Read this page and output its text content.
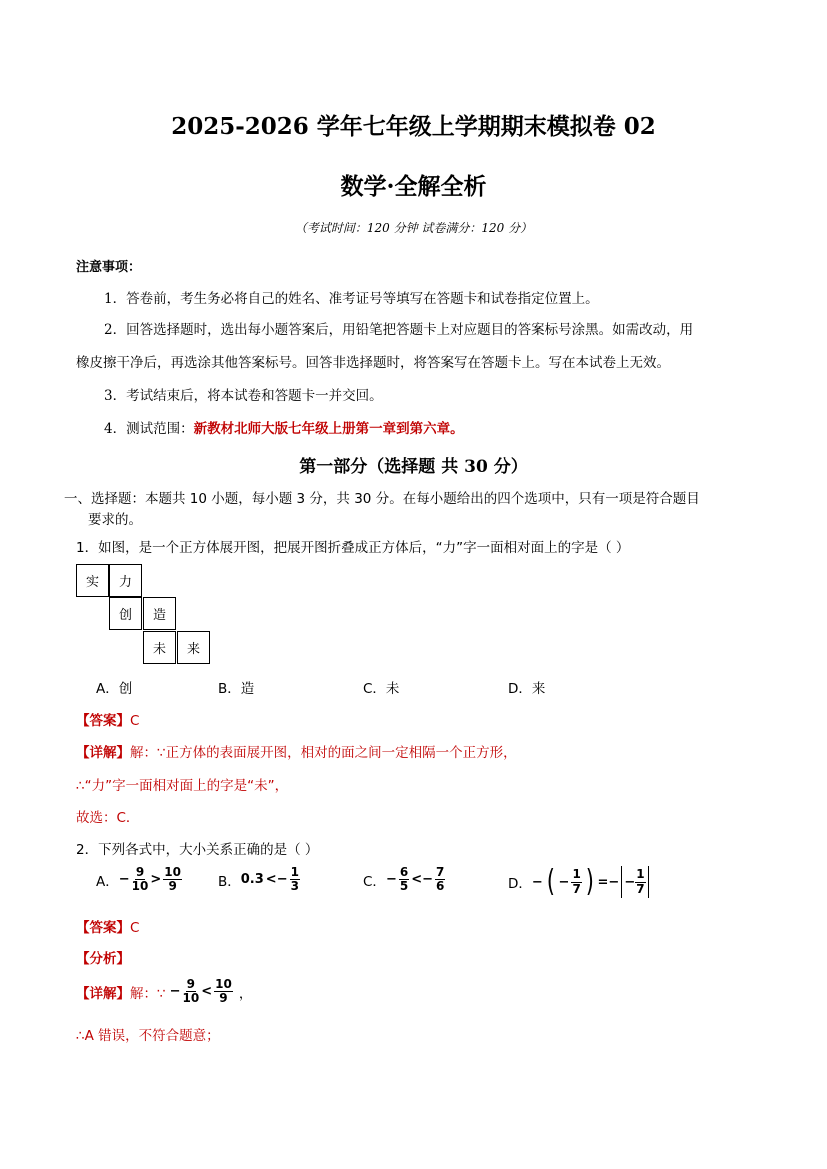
2025-2026 学年七年级上学期期末模拟卷 02
数学·全解全析
（考试时间：120 分钟 试卷满分：120 分）
注意事项：
1．答卷前，考生务必将自己的姓名、准考证号等填写在答题卡和试卷指定位置上。
2．回答选择题时，选出每小题答案后，用铅笔把答题卡上对应题目的答案标号涂黑。如需改动，用
橡皮擦干净后，再选涂其他答案标号。回答非选择题时，将答案写在答题卡上。写在本试卷上无效。
3．考试结束后，将本试卷和答题卡一并交回。
4．测试范围：新教材北师大版七年级上册第一章到第六章。
第一部分（选择题 共 30 分）
一、选择题：本题共 10 小题，每小题 3 分，共 30 分。在每小题给出的四个选项中，只有一项是符合题目
要求的。
1．如图，是一个正方体展开图，把展开图折叠成正方体后，“力”字一面相对面上的字是（ ）
实	力
创	造
未	来
A．创	B．造	C．未	D．来
【答案】C
【详解】解：∵正方体的表面展开图，相对的面之间一定相隔一个正方形，
∴“力”字一面相对面上的字是“未”，
故选：C．
2．下列各式中，大小关系正确的是（ ）
A． − $\frac{9}{10} > \frac{10}{9}$	B． $0.3 <- \frac{1}{3}$	C． − $\frac{6}{5} <- \frac{7}{6}$	D． − ( − $\frac{1}{7}$ ) =− − $\frac{1}{7}$
【答案】C
【分析】
【详解】 解：∵ − $\frac{9}{10} < \frac{10}{9}$ ，
∴A 错误，不符合题意；
